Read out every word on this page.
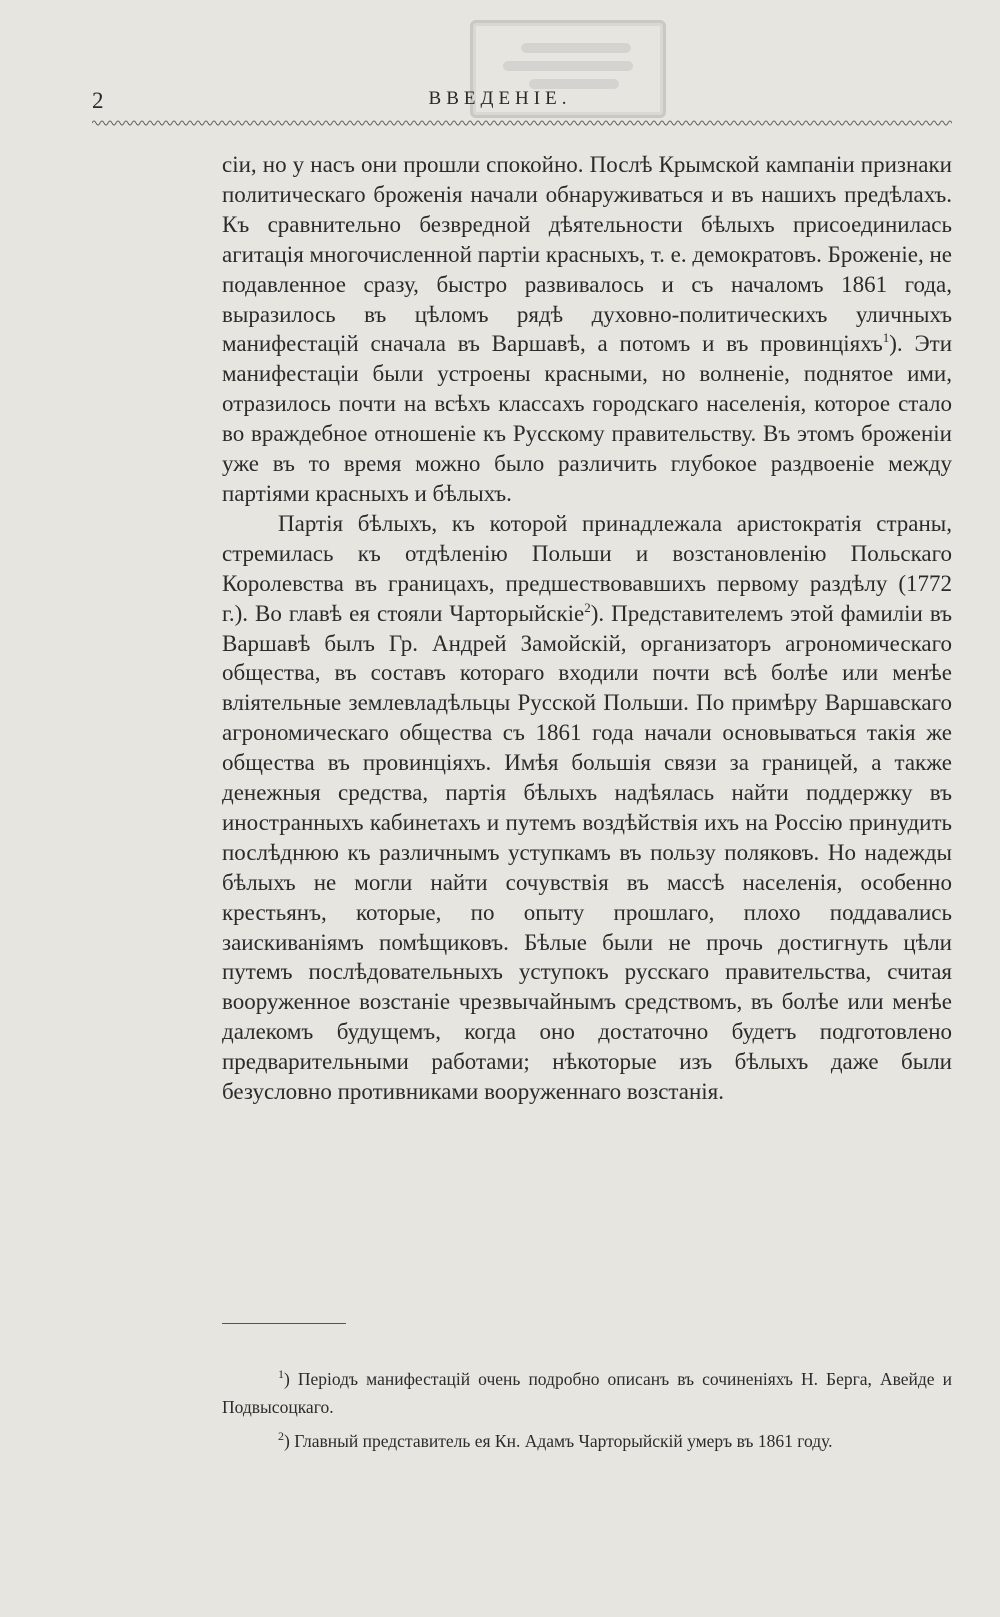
2	ВВЕДЕНІЕ.

сіи, но у насъ они прошли спокойно. Послѣ Крымской кампаніи признаки политическаго броженія начали обнаруживаться и въ нашихъ предѣлахъ. Къ сравнительно безвредной дѣятельности бѣлыхъ присоединилась агитація многочисленной партіи красныхъ, т. е. демократовъ. Броженіе, не подавленное сразу, быстро развивалось и съ началомъ 1861 года, выразилось въ цѣломъ рядѣ духовно-политическихъ уличныхъ манифестацій сначала въ Варшавѣ, а потомъ и въ провинціяхъ$^1$). Эти манифестаціи были устроены красными, но волненіе, поднятое ими, отразилось почти на всѣхъ классахъ городскаго населенія, которое стало во враждебное отношеніе къ Русскому правительству. Въ этомъ броженіи уже въ то время можно было различить глубокое раздвоеніе между партіями красныхъ и бѣлыхъ.

Партія бѣлыхъ, къ которой принадлежала аристократія страны, стремилась къ отдѣленію Польши и возстановленію Польскаго Королевства въ границахъ, предшествовавшихъ первому раздѣлу (1772 г.). Во главѣ ея стояли Чарторыйскіе$^2$). Представителемъ этой фамиліи въ Варшавѣ былъ Гр. Андрей Замойскій, организаторъ агрономическаго общества, въ составъ котораго входили почти всѣ болѣе или менѣе вліятельные землевладѣльцы Русской Польши. По примѣру Варшавскаго агрономическаго общества съ 1861 года начали основываться такія же общества въ провинціяхъ. Имѣя большія связи за границей, а также денежныя средства, партія бѣлыхъ надѣялась найти поддержку въ иностранныхъ кабинетахъ и путемъ воздѣйствія ихъ на Россію принудить послѣднюю къ различнымъ уступкамъ въ пользу поляковъ. Но надежды бѣлыхъ не могли найти сочувствія въ массѣ населенія, особенно крестьянъ, которые, по опыту прошлаго, плохо поддавались заискиваніямъ помѣщиковъ. Бѣлые были не прочь достигнуть цѣли путемъ послѣдовательныхъ уступокъ русскаго правительства, считая вооруженное возстаніе чрезвычайнымъ средствомъ, въ болѣе или менѣе далекомъ будущемъ, когда оно достаточно будетъ подготовлено предварительными работами; нѣкоторые изъ бѣлыхъ даже были безусловно противниками вооруженнаго возстанія.

$^1$) Періодъ манифестацій очень подробно описанъ въ сочиненіяхъ Н. Берга, Авейде и Подвысоцкаго.

$^2$) Главный представитель ея Кн. Адамъ Чарторыйскій умеръ въ 1861 году.
